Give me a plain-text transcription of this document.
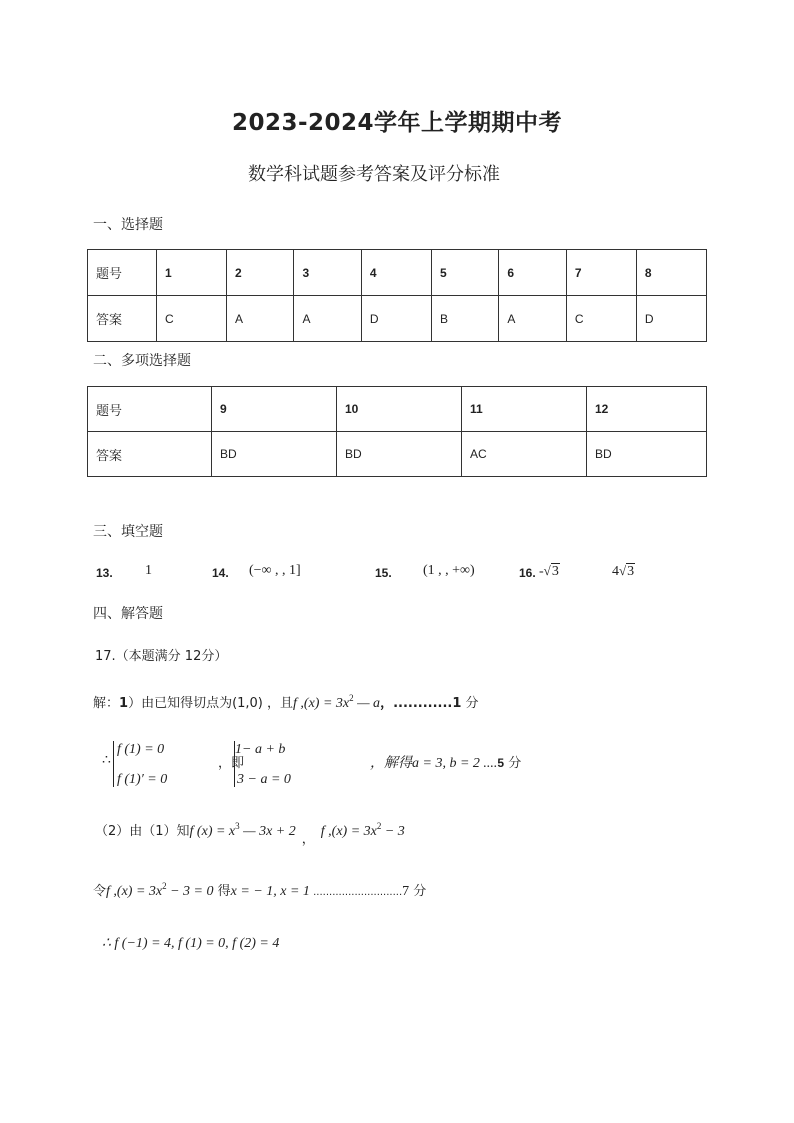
2023-2024学年上学期期中考
数学科试题参考答案及评分标准
一、选择题
题号	1	2	3	4	5	6	7	8
答案	C	A	A	D	B	A	C	D
二、多项选择题
题号	9	10	11	12
答案	BD	BD	AC	BD
三、填空题
13. 1	14. (−∞ , , 1]	15. (1 , , +∞)	16. -√3	4√3
四、解答题
17.（本题满分 12分）
解：1）由已知得切点为(1,0) ，且f $,(x) = 3x^2$ — a，............1 分
∴
f (1) = 0
f (1)′ = 0
，即
1− a + b
3 − a = 0
，解得a = 3, b = 2 ....5 分
（2）由（1）知f $(x) = x^3$ — 3x + 2，f $,(x) = 3x^2 - 3$
令f $,(x) = 3x^2 - 3 = 0$ 得x = − 1, x = 1 ............................7 分
∴ f (−1) = 4, f (1) = 0, f (2) = 4
